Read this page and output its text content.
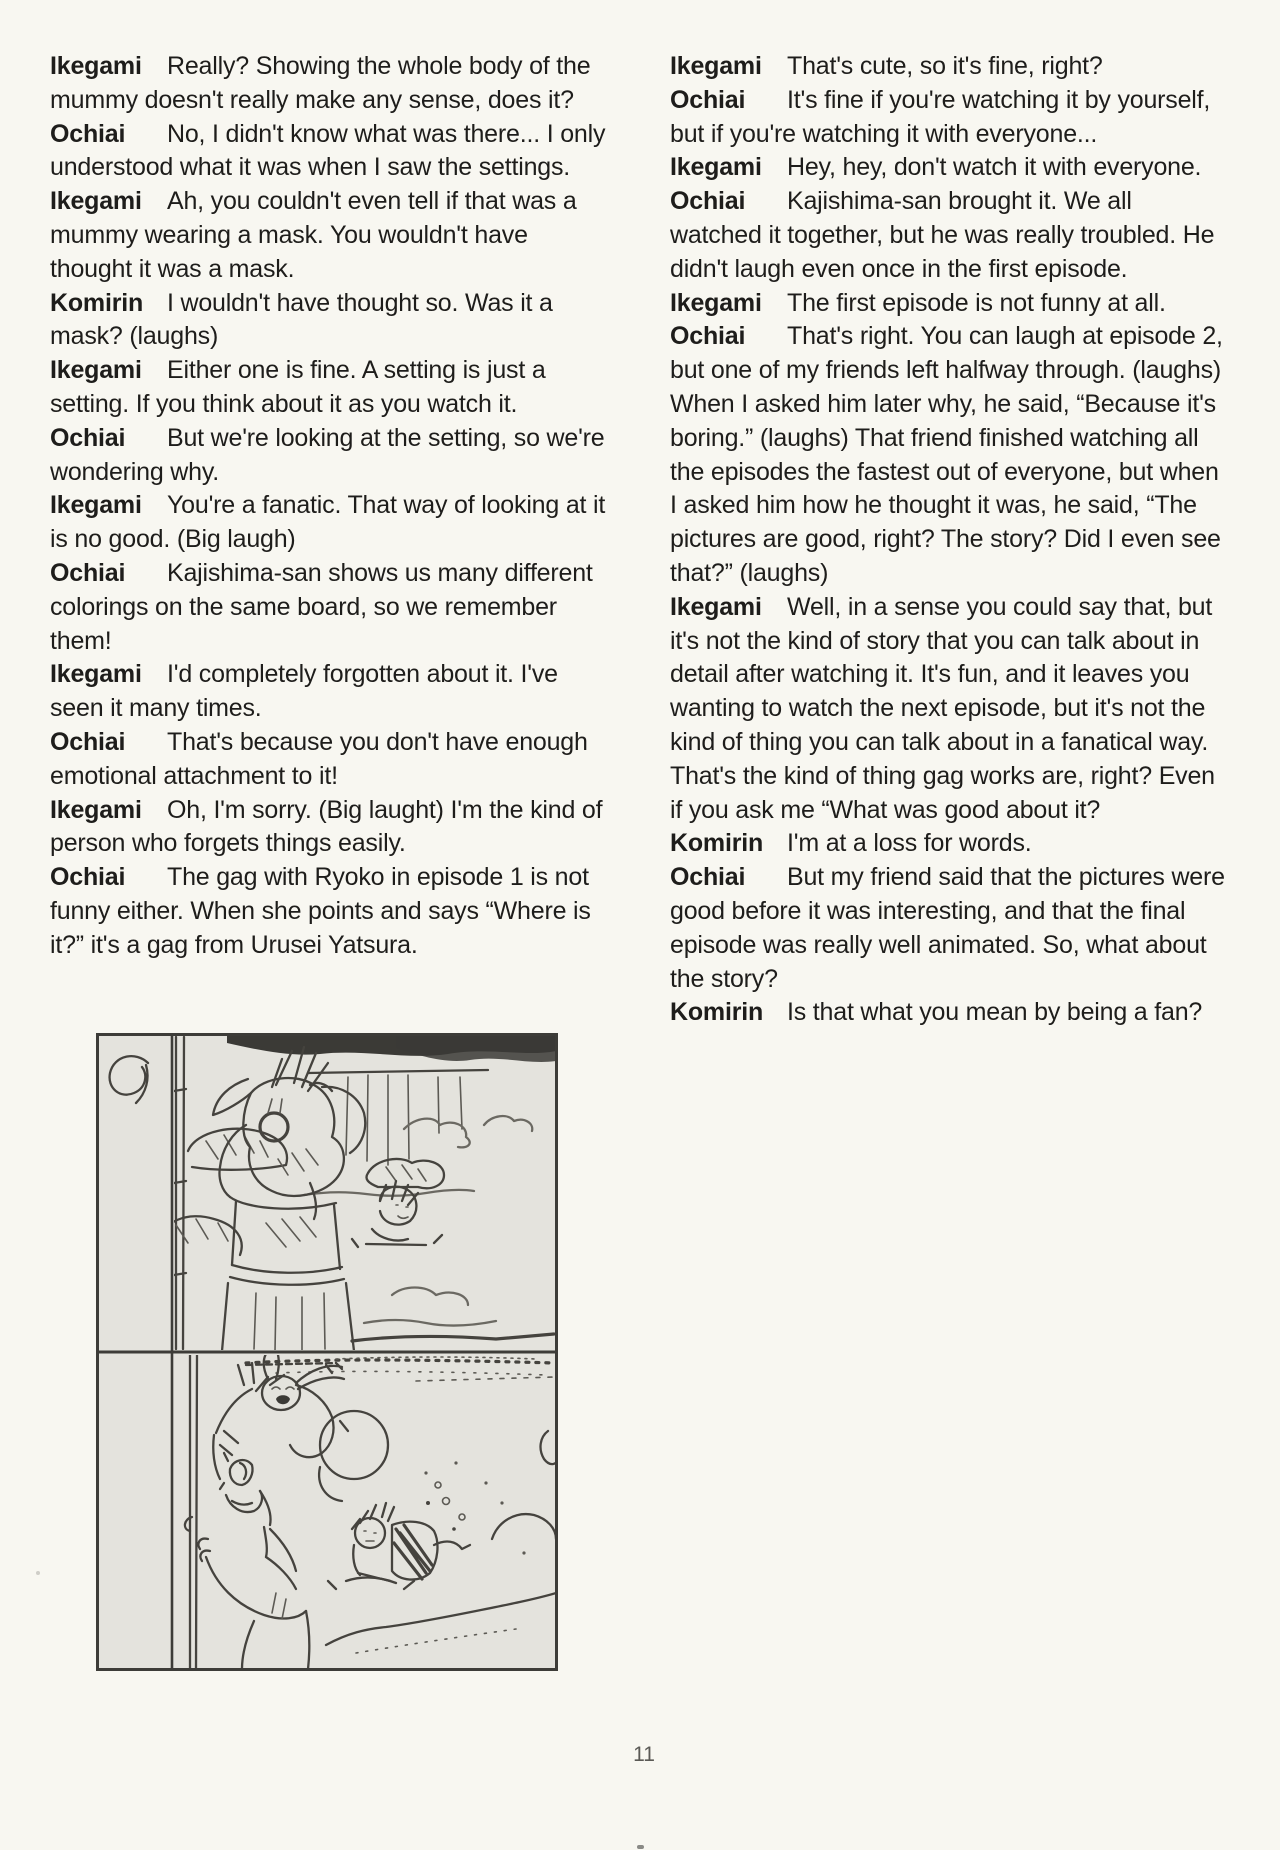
Ikegami Really? Showing the whole body of the mummy doesn't really make any sense, does it?

Ochiai No, I didn't know what was there... I only understood what it was when I saw the settings.

Ikegami Ah, you couldn't even tell if that was a mummy wearing a mask. You wouldn't have thought it was a mask.

Komirin I wouldn't have thought so. Was it a mask? (laughs)

Ikegami Either one is fine. A setting is just a setting. If you think about it as you watch it.

Ochiai But we're looking at the setting, so we're wondering why.

Ikegami You're a fanatic. That way of looking at it is no good. (Big laugh)

Ochiai Kajishima-san shows us many different colorings on the same board, so we remember them!

Ikegami I'd completely forgotten about it. I've seen it many times.

Ochiai That's because you don't have enough emotional attachment to it!

Ikegami Oh, I'm sorry. (Big laught) I'm the kind of person who forgets things easily.

Ochiai The gag with Ryoko in episode 1 is not funny either. When she points and says “Where is it?” it's a gag from Urusei Yatsura.

Ikegami That's cute, so it's fine, right?

Ochiai It's fine if you're watching it by yourself, but if you're watching it with everyone...

Ikegami Hey, hey, don't watch it with everyone.

Ochiai Kajishima-san brought it. We all watched it together, but he was really troubled. He didn't laugh even once in the first episode.

Ikegami The first episode is not funny at all.

Ochiai That's right. You can laugh at episode 2, but one of my friends left halfway through. (laughs) When I asked him later why, he said, “Because it's boring.” (laughs) That friend finished watching all the episodes the fastest out of everyone, but when I asked him how he thought it was, he said, “The pictures are good, right? The story? Did I even see that?” (laughs)

Ikegami Well, in a sense you could say that, but it's not the kind of story that you can talk about in detail after watching it. It's fun, and it leaves you wanting to watch the next episode, but it's not the kind of thing you can talk about in a fanatical way. That's the kind of thing gag works are, right? Even if you ask me “What was good about it?

Komirin I'm at a loss for words.

Ochiai But my friend said that the pictures were good before it was interesting, and that the final episode was really well animated. So, what about the story?

Komirin Is that what you mean by being a fan?

11
